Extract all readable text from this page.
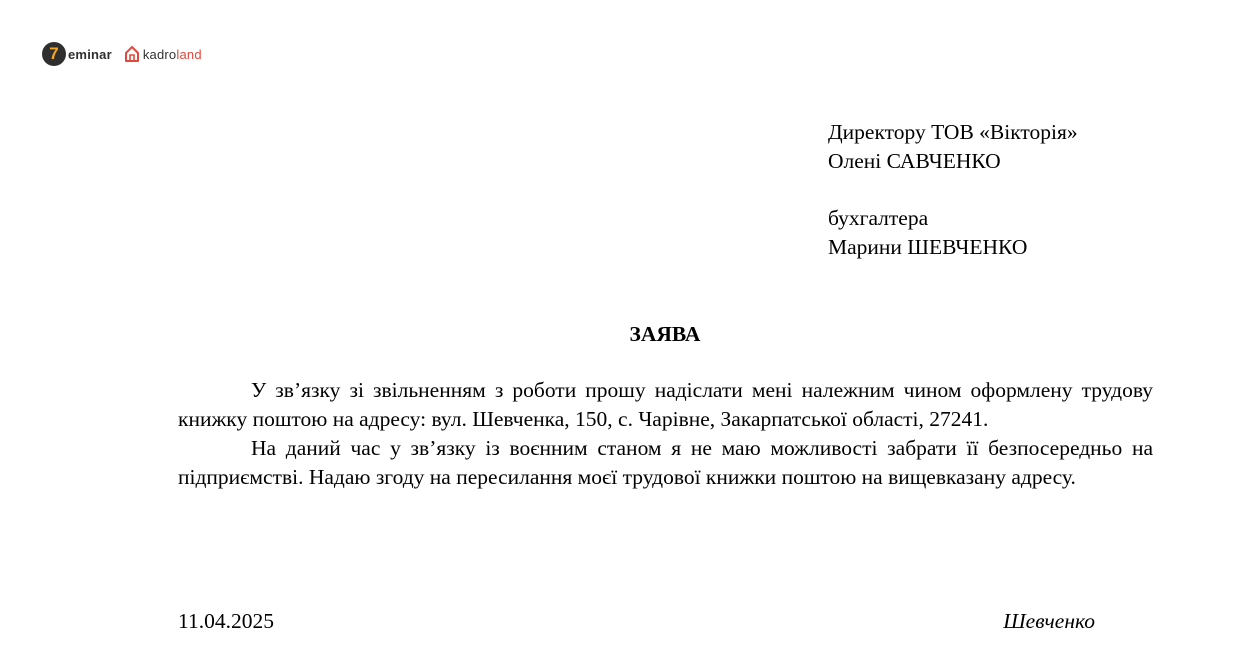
7 eminar kadro land
Директору ТОВ «Вікторія»
Олені САВЧЕНКО
бухгалтера
Марини ШЕВЧЕНКО
ЗАЯВА

У зв’язку зі звільненням з роботи прошу надіслати мені належним чином оформлену трудову книжку поштою на адресу: вул. Шевченка, 150, с. Чарівне, Закарпатської області, 27241.

На даний час у зв’язку із воєнним станом я не маю можливості забрати її безпосередньо на підприємстві. Надаю згоду на пересилання моєї трудової книжки поштою на вищевказану адресу.

11.04.2025	Шевченко
